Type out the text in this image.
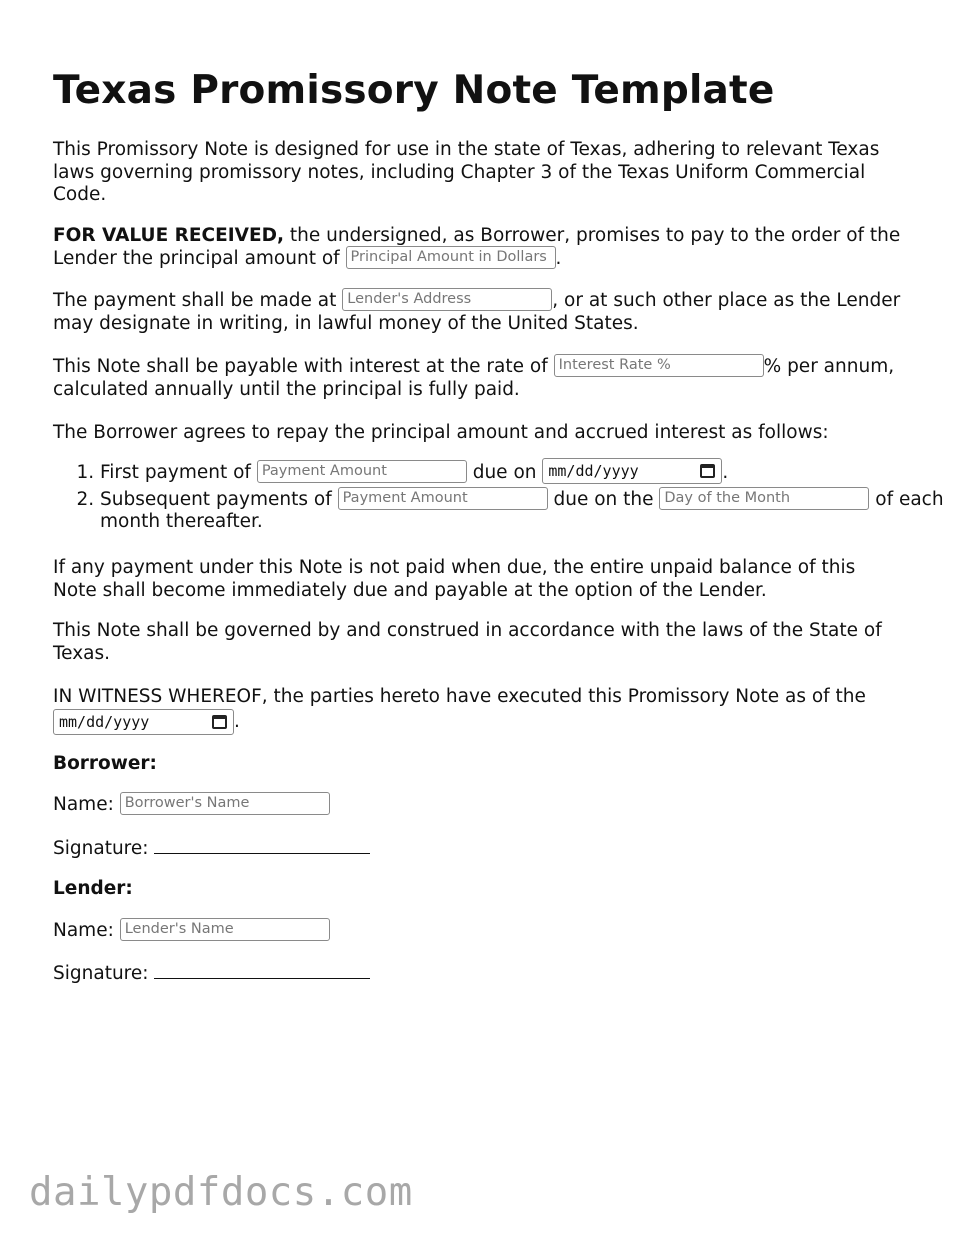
Texas Promissory Note Template

This Promissory Note is designed for use in the state of Texas, adhering to relevant Texas laws governing promissory notes, including Chapter 3 of the Texas Uniform Commercial Code.

FOR VALUE RECEIVED, the undersigned, as Borrower, promises to pay to the order of the Lender the principal amount of Principal Amount in Dollars .

The payment shall be made at Lender's Address	, or at such other place as the Lender may designate in writing, in lawful money of the United States.

This Note shall be payable with interest at the rate of Interest Rate %	% per annum, calculated annually until the principal is fully paid.

The Borrower agrees to repay the principal amount and accrued interest as follows:

1. First payment of Payment Amount	due on mm/dd/yyyy	.
2. Subsequent payments of Payment Amount	due on the Day of the Month	of each month thereafter.

If any payment under this Note is not paid when due, the entire unpaid balance of this Note shall become immediately due and payable at the option of the Lender.

This Note shall be governed by and construed in accordance with the laws of the State of Texas.

IN WITNESS WHEREOF, the parties hereto have executed this Promissory Note as of the
mm/dd/yyyy	.

Borrower:

Name: Borrower's Name

Signature:

Lender:

Name: Lender's Name

Signature:

dailypdfdocs.com
